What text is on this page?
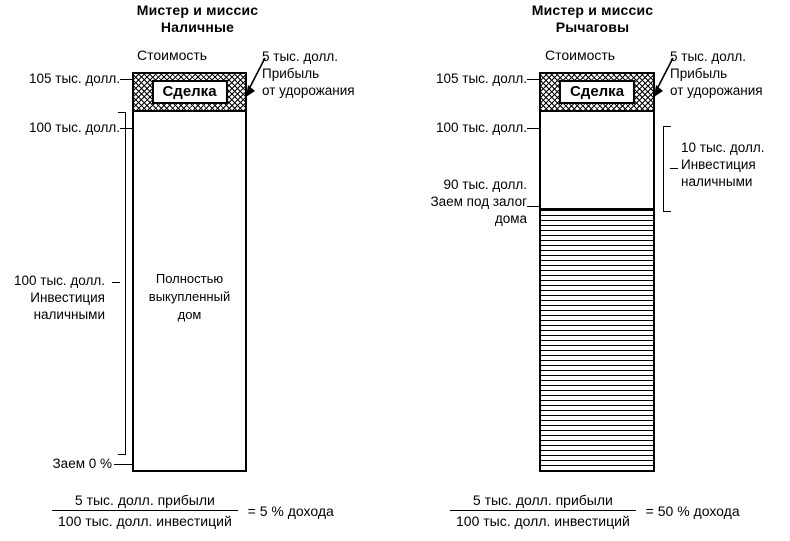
Мистер и миссис
Наличные
Стоимость
Сделка
Полностью
выкупленный
дом
105 тыс. долл.
100 тыс. долл.
5 тыс. долл.
Прибыль
от удорожания
100 тыс. долл.
Инвестиция
наличными
Заем 0 %
$\frac{\text{5 тыс. долл. прибыли}}{\text{100 тыс. долл. инвестиций}} = 5$ % дохода
Мистер и миссис
Рычаговы
Стоимость
Сделка
105 тыс. долл.
100 тыс. долл.
90 тыс. долл.
Заем под залог
дома
5 тыс. долл.
Прибыль
от удорожания
10 тыс. долл.
Инвестиция
наличными
$\frac{\text{5 тыс. долл. прибыли}}{\text{100 тыс. долл. инвестиций}} = 50$ % дохода
